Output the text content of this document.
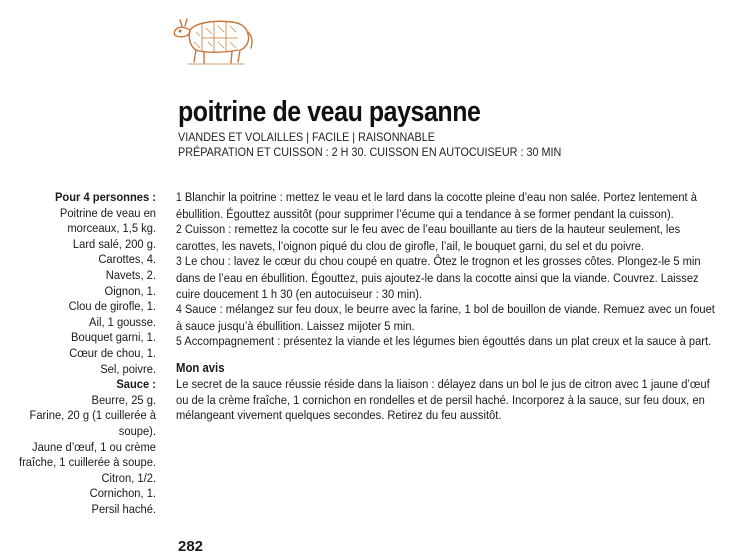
poitrine de veau paysanne
VIANDES ET VOLAILLES | FACILE | RAISONNABLE
PRÉPARATION ET CUISSON : 2 H 30. CUISSON EN AUTOCUISEUR : 30 MIN
Pour 4 personnes :
Poitrine de veau en
morceaux, 1,5 kg.
Lard salé, 200 g.
Carottes, 4.
Navets, 2.
Oignon, 1.
Clou de girofle, 1.
Ail, 1 gousse.
Bouquet garni, 1.
Cœur de chou, 1.
Sel, poivre.
Sauce :
Beurre, 25 g.
Farine, 20 g (1 cuillerée à
soupe).
Jaune d’œuf, 1 ou crème
fraîche, 1 cuillerée à soupe.
Citron, 1/2.
Cornichon, 1.
Persil haché.

1 Blanchir la poitrine : mettez le veau et le lard dans la cocotte pleine d’eau non salée. Portez lentement à

ébullition. Égouttez aussitôt (pour supprimer l’écume qui a tendance à se former pendant la cuisson).

2 Cuisson : remettez la cocotte sur le feu avec de l’eau bouillante au tiers de la hauteur seulement, les

carottes, les navets, l’oignon piqué du clou de girofle, l’ail, le bouquet garni, du sel et du poivre.

3 Le chou : lavez le cœur du chou coupé en quatre. Ôtez le trognon et les grosses côtes. Plongez-le 5 min

dans de l’eau en ébullition. Égouttez, puis ajoutez-le dans la cocotte ainsi que la viande. Couvrez. Laissez

cuire doucement 1 h 30 (en autocuiseur : 30 min).

4 Sauce : mélangez sur feu doux, le beurre avec la farine, 1 bol de bouillon de viande. Remuez avec un fouet

à sauce jusqu’à ébullition. Laissez mijoter 5 min.

5 Accompagnement : présentez la viande et les légumes bien égouttés dans un plat creux et la sauce à part.

Mon avis

Le secret de la sauce réussie réside dans la liaison : délayez dans un bol le jus de citron avec 1 jaune d’œuf

ou de la crème fraîche, 1 cornichon en rondelles et de persil haché. Incorporez à la sauce, sur feu doux, en

mélangeant vivement quelques secondes. Retirez du feu aussitôt.

282
